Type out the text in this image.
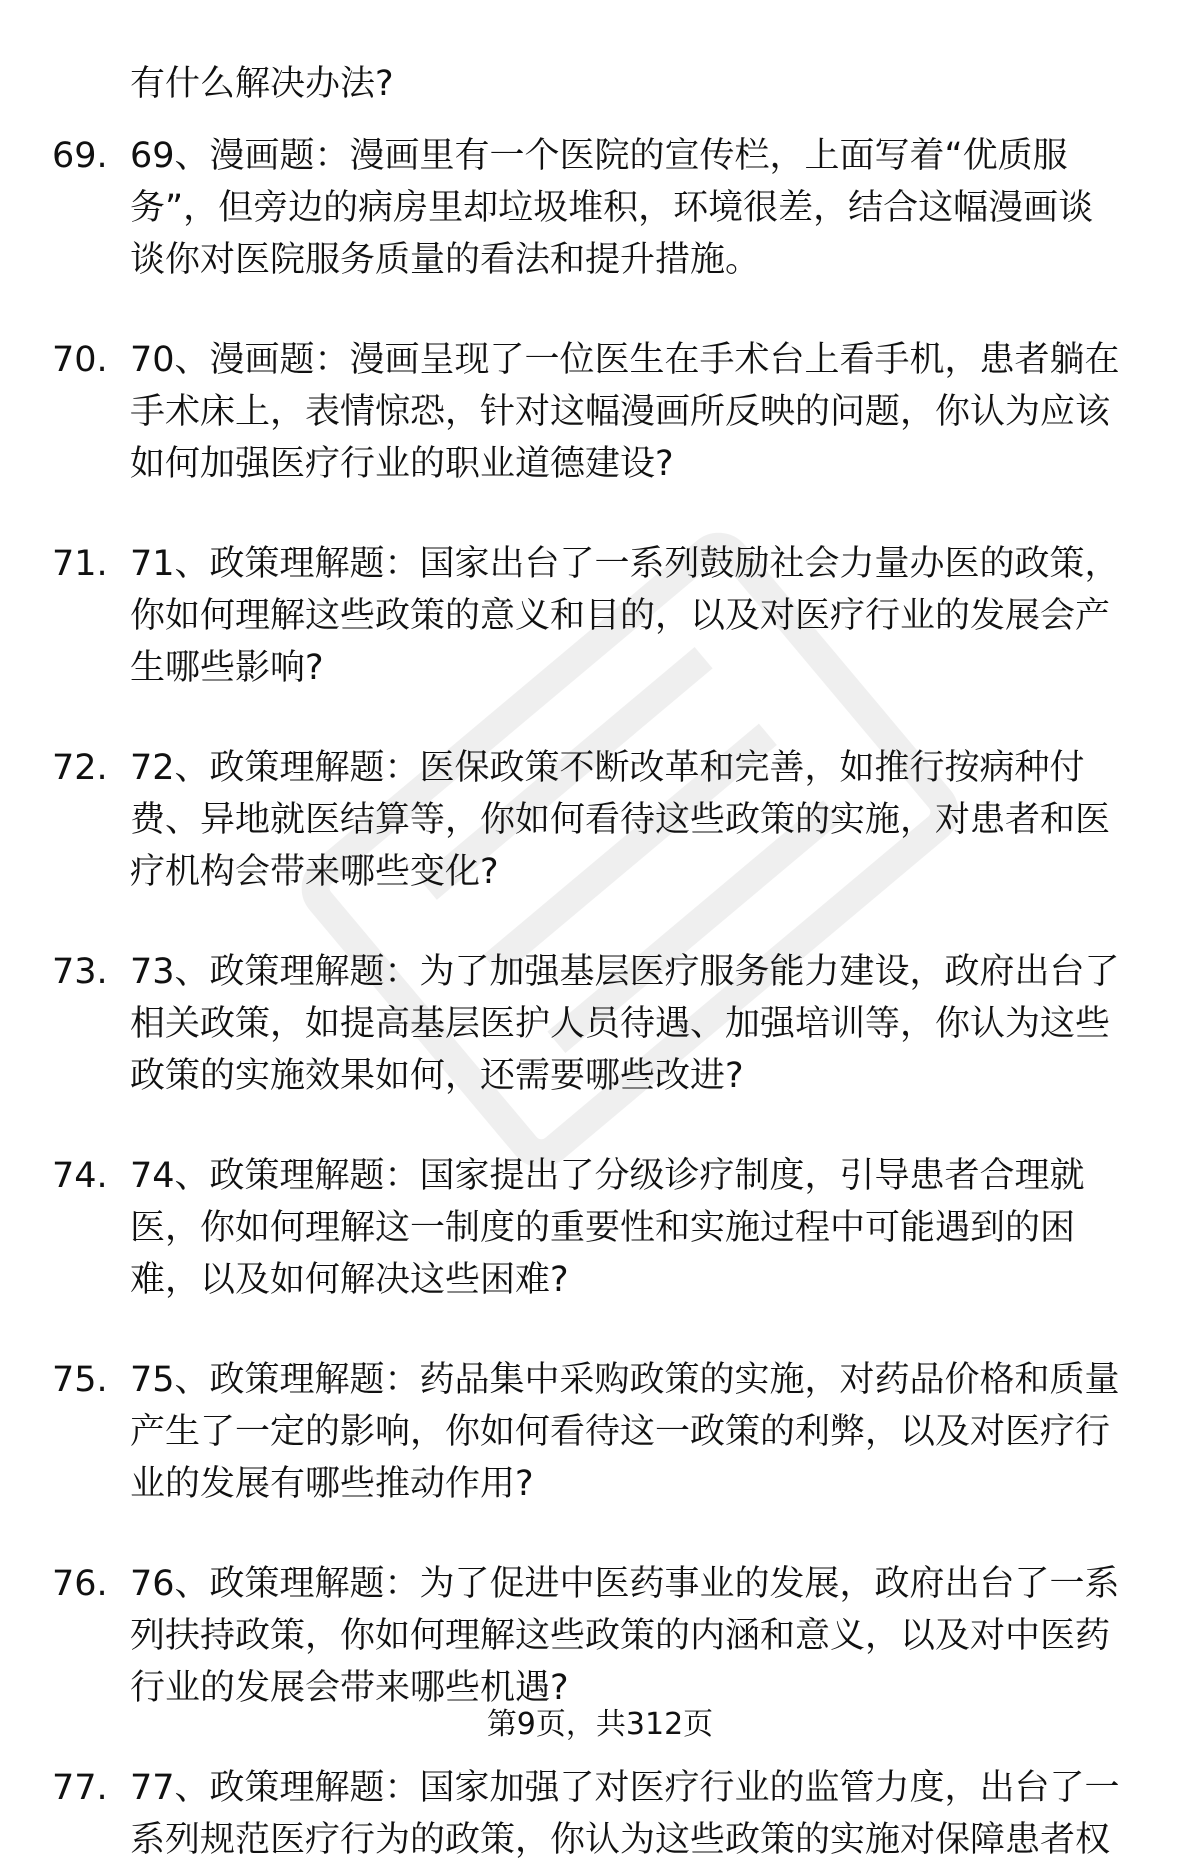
有什么解决办法?
69. 69、漫画题：漫画里有一个医院的宣传栏，上面写着“优质服
务”，但旁边的病房里却垃圾堆积，环境很差，结合这幅漫画谈
谈你对医院服务质量的看法和提升措施。
70. 70、漫画题：漫画呈现了一位医生在手术台上看手机，患者躺在
手术床上，表情惊恐，针对这幅漫画所反映的问题，你认为应该
如何加强医疗行业的职业道德建设?
71. 71、政策理解题：国家出台了一系列鼓励社会力量办医的政策，
你如何理解这些政策的意义和目的，以及对医疗行业的发展会产
生哪些影响?
72. 72、政策理解题：医保政策不断改革和完善，如推行按病种付
费、异地就医结算等，你如何看待这些政策的实施，对患者和医
疗机构会带来哪些变化?
73. 73、政策理解题：为了加强基层医疗服务能力建设，政府出台了
相关政策，如提高基层医护人员待遇、加强培训等，你认为这些
政策的实施效果如何，还需要哪些改进?
74. 74、政策理解题：国家提出了分级诊疗制度，引导患者合理就
医，你如何理解这一制度的重要性和实施过程中可能遇到的困
难，以及如何解决这些困难?
75. 75、政策理解题：药品集中采购政策的实施，对药品价格和质量
产生了一定的影响，你如何看待这一政策的利弊，以及对医疗行
业的发展有哪些推动作用?
76. 76、政策理解题：为了促进中医药事业的发展，政府出台了一系
列扶持政策，你如何理解这些政策的内涵和意义，以及对中医药
行业的发展会带来哪些机遇?
77. 77、政策理解题：国家加强了对医疗行业的监管力度，出台了一
系列规范医疗行为的政策，你认为这些政策的实施对保障患者权
第9页，共312页
